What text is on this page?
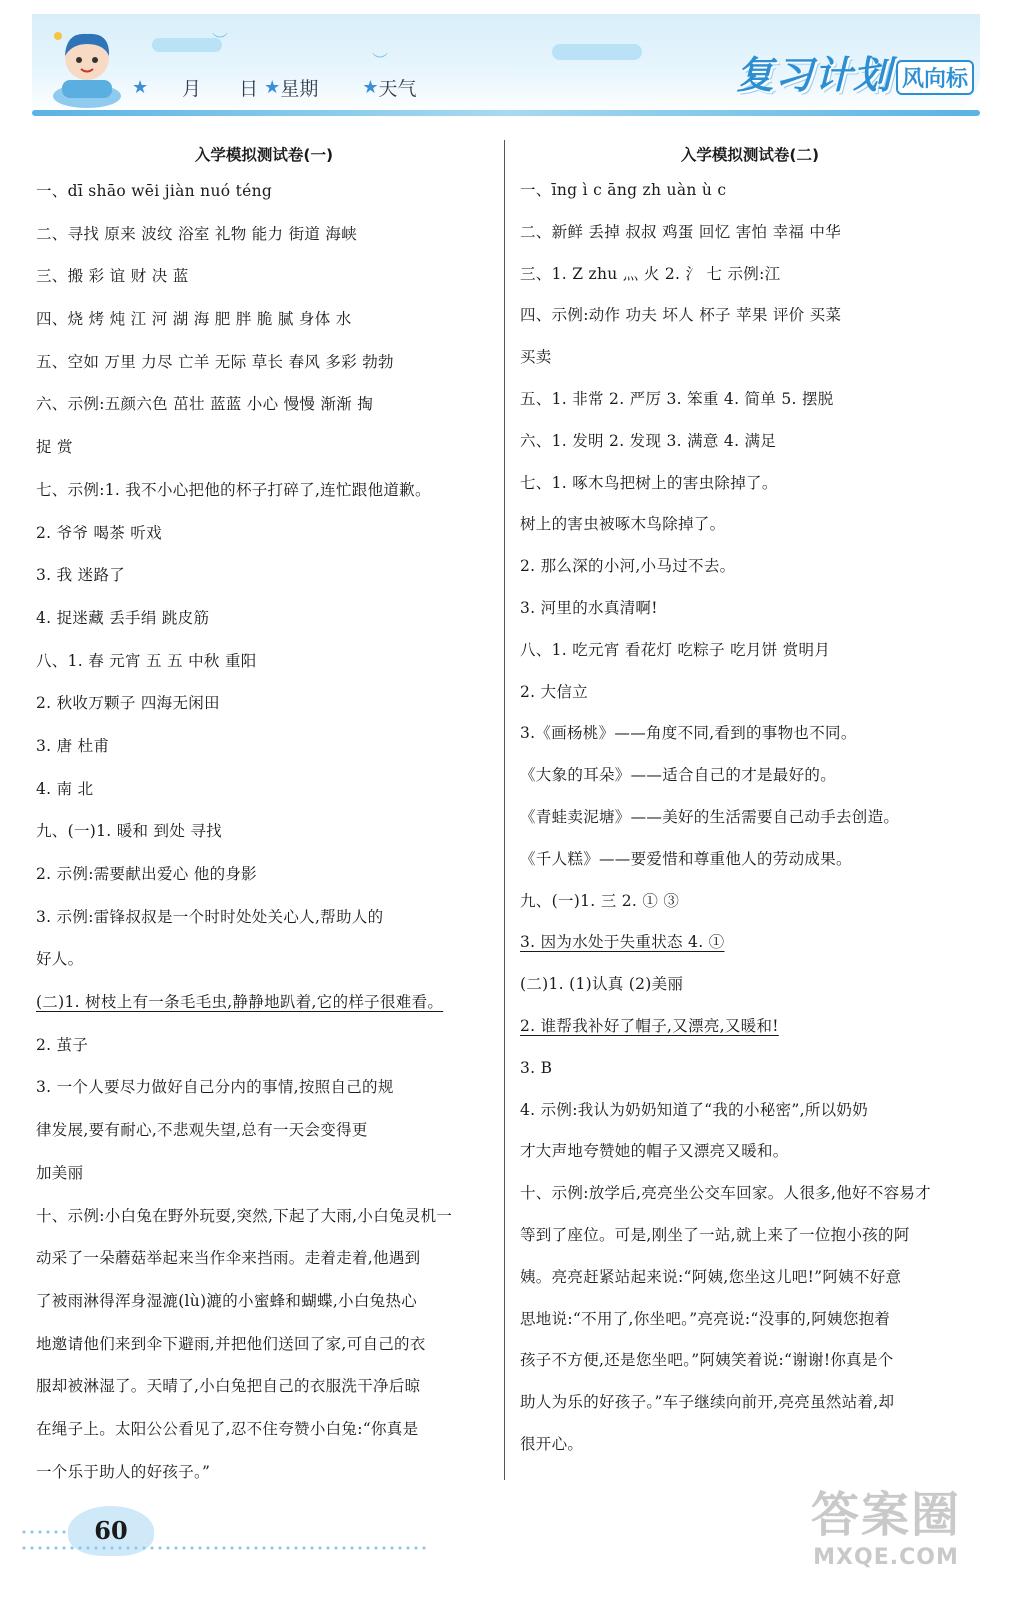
︶
︶
★ 月 日 ★ 星期 ★ 天气	复习计划 风向标
入学模拟测试卷(一)
一、dī shāo wēi jiàn nuó téng
二、寻找 原来 波纹 浴室 礼物 能力 街道 海峡
三、搬 彩 谊 财 决 蓝
四、烧 烤 炖 江 河 湖 海 肥 胖 脆 腻 身体 水
五、空如 万里 力尽 亡羊 无际 草长 春风 多彩 勃勃
六、示例:五颜六色 茁壮 蓝蓝 小心 慢慢 渐渐 掏
捉 赏
七、示例:1. 我不小心把他的杯子打碎了,连忙跟他道歉。
2. 爷爷 喝茶 听戏
3. 我 迷路了
4. 捉迷藏 丢手绢 跳皮筋
八、1. 春 元宵 五 五 中秋 重阳
2. 秋收万颗子 四海无闲田
3. 唐 杜甫
4. 南 北
九、(一)1. 暖和 到处 寻找
2. 示例:需要献出爱心 他的身影
3. 示例:雷锋叔叔是一个时时处处关心人,帮助人的
好人。
(二)1. 树枝上有一条毛毛虫,静静地趴着,它的样子很难看。
2. 茧子
3. 一个人要尽力做好自己分内的事情,按照自己的规
律发展,要有耐心,不悲观失望,总有一天会变得更
加美丽
十、示例:小白兔在野外玩耍,突然,下起了大雨,小白兔灵机一
动采了一朵蘑菇举起来当作伞来挡雨。走着走着,他遇到
了被雨淋得浑身湿漉(lù)漉的小蜜蜂和蝴蝶,小白兔热心
地邀请他们来到伞下避雨,并把他们送回了家,可自己的衣
服却被淋湿了。天晴了,小白兔把自己的衣服洗干净后晾
在绳子上。太阳公公看见了,忍不住夸赞小白兔:“你真是
一个乐于助人的好孩子。”
入学模拟测试卷(二)
一、īng ì c āng zh uàn ù c
二、新鲜 丢掉 叔叔 鸡蛋 回忆 害怕 幸福 中华
三、1. Z zhu 灬 火 2. 氵 七 示例:江
四、示例:动作 功夫 坏人 杯子 苹果 评价 买菜
买卖
五、1. 非常 2. 严厉 3. 笨重 4. 简单 5. 摆脱
六、1. 发明 2. 发现 3. 满意 4. 满足
七、1. 啄木鸟把树上的害虫除掉了。
树上的害虫被啄木鸟除掉了。
2. 那么深的小河,小马过不去。
3. 河里的水真清啊!
八、1. 吃元宵 看花灯 吃粽子 吃月饼 赏明月
2. 大信立
3.《画杨桃》——角度不同,看到的事物也不同。
《大象的耳朵》——适合自己的才是最好的。
《青蛙卖泥塘》——美好的生活需要自己动手去创造。
《千人糕》——要爱惜和尊重他人的劳动成果。
九、(一)1. 三 2. ① ③
3. 因为水处于失重状态 4. ①
(二)1. (1)认真 (2)美丽
2. 谁帮我补好了帽子,又漂亮,又暖和!
3. B
4. 示例:我认为奶奶知道了“我的小秘密”,所以奶奶
才大声地夸赞她的帽子又漂亮又暖和。
十、示例:放学后,亮亮坐公交车回家。人很多,他好不容易才
等到了座位。可是,刚坐了一站,就上来了一位抱小孩的阿
姨。亮亮赶紧站起来说:“阿姨,您坐这儿吧!”阿姨不好意
思地说:“不用了,你坐吧。”亮亮说:“没事的,阿姨您抱着
孩子不方便,还是您坐吧。”阿姨笑着说:“谢谢!你真是个
助人为乐的好孩子。”车子继续向前开,亮亮虽然站着,却
很开心。
60	答案圈
MXQE.COM
